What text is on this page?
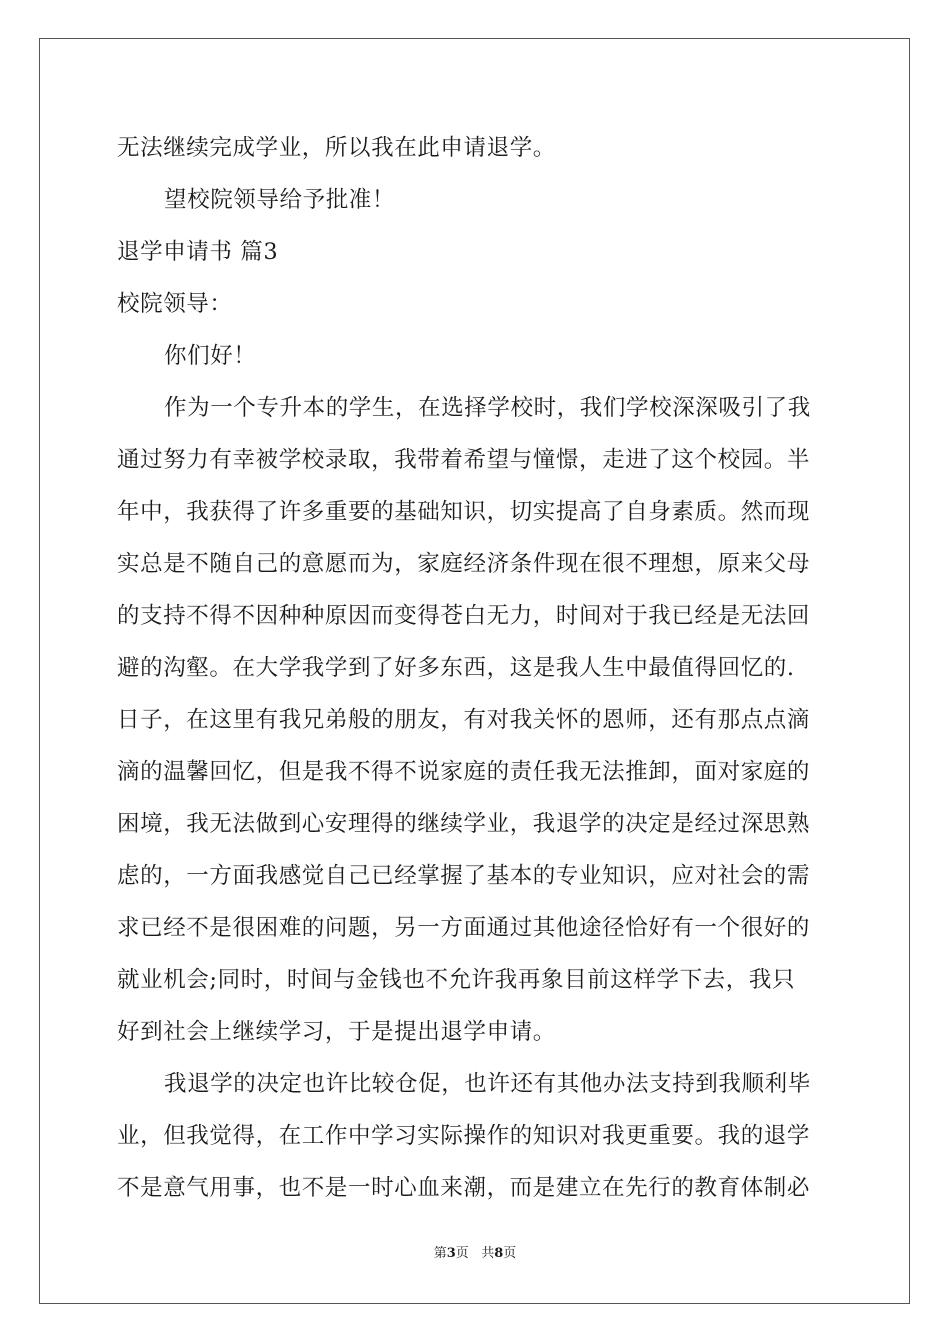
无法继续完成学业，所以我在此申请退学。
望校院领导给予批准！
退学申请书 篇3
校院领导：
你们好！
作为一个专升本的学生，在选择学校时，我们学校深深吸引了我
通过努力有幸被学校录取，我带着希望与憧憬，走进了这个校园。半
年中，我获得了许多重要的基础知识，切实提高了自身素质。然而现
实总是不随自己的意愿而为，家庭经济条件现在很不理想，原来父母
的支持不得不因种种原因而变得苍白无力，时间对于我已经是无法回
避的沟壑。在大学我学到了好多东西，这是我人生中最值得回忆的.
日子，在这里有我兄弟般的朋友，有对我关怀的恩师，还有那点点滴
滴的温馨回忆，但是我不得不说家庭的责任我无法推卸，面对家庭的
困境，我无法做到心安理得的继续学业，我退学的决定是经过深思熟
虑的，一方面我感觉自己已经掌握了基本的专业知识，应对社会的需
求已经不是很困难的问题，另一方面通过其他途径恰好有一个很好的
就业机会;同时，时间与金钱也不允许我再象目前这样学下去，我只
好到社会上继续学习，于是提出退学申请。
我退学的决定也许比较仓促，也许还有其他办法支持到我顺利毕
业，但我觉得，在工作中学习实际操作的知识对我更重要。我的退学
不是意气用事，也不是一时心血来潮，而是建立在先行的教育体制必
第3页   共8页
